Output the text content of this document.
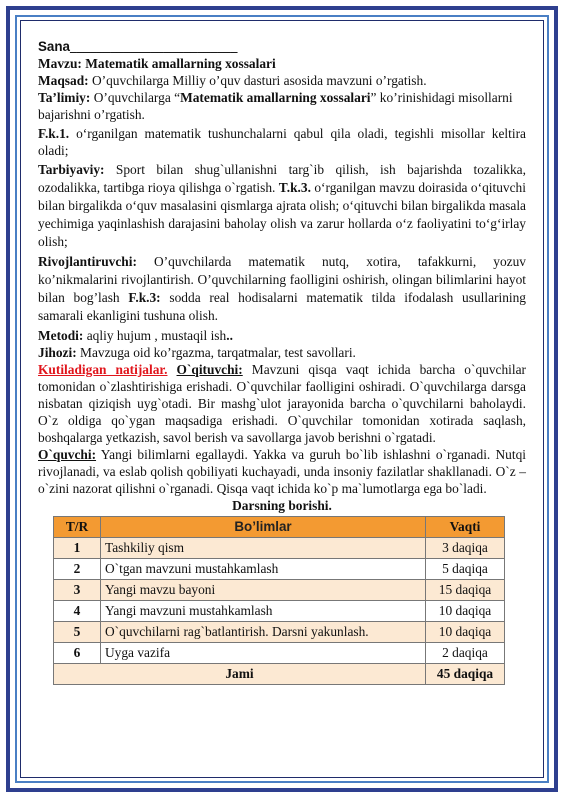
Sana_________________________

Mavzu: Matematik amallarning xossalari

Maqsad: O’quvchilarga Milliy o’quv dasturi asosida mavzuni o’rgatish.

Ta’limiy: O’quvchilarga “Matematik amallarning xossalari” ko’rinishidagi misollarni bajarishni o’rgatish.

F.k.1. o‘rganilgan matematik tushunchalarni qabul qila oladi, tegishli misollar keltira oladi;

Tarbiyaviy: Sport bilan shug`ullanishni targ`ib qilish, ish bajarishda tozalikka, ozodalikka, tartibga rioya qilishga o`rgatish. T.k.3. o‘rganilgan mavzu doirasida o‘qituvchi bilan birgalikda o‘quv masalasini qismlarga ajrata olish; o‘qituvchi bilan birgalikda masala yechimiga yaqinlashish darajasini baholay olish va zarur hollarda o‘z faoliyatini to‘g‘irlay olish;

Rivojlantiruvchi: O’quvchilarda matematik nutq, xotira, tafakkurni, yozuv ko’nikmalarini rivojlantirish. O’quvchilarning faolligini oshirish, olingan bilimlarini hayot bilan bog’lash F.k.3: sodda real hodisalarni matematik tilda ifodalash usullarining samarali ekanligini tushuna olish.

Metodi: aqliy hujum , mustaqil ish..

Jihozi: Mavzuga oid ko’rgazma, tarqatmalar, test savollari.

Kutiladigan natijalar. O`qituvchi: Mavzuni qisqa vaqt ichida barcha o`quvchilar tomonidan o`zlashtirishiga erishadi. O`quvchilar faolligini oshiradi. O`quvchilarga darsga nisbatan qiziqish uyg`otadi. Bir mashg`ulot jarayonida barcha o`quvchilarni baholaydi. O`z oldiga qo`ygan maqsadiga erishadi. O`quvchilar tomonidan xotirada saqlash, boshqalarga yetkazish, savol berish va savollarga javob berishni o`rgatadi.

O`quvchi: Yangi bilimlarni egallaydi. Yakka va guruh bo`lib ishlashni o`rganadi. Nutqi rivojlanadi, va eslab qolish qobiliyati kuchayadi, unda insoniy fazilatlar shakllanadi. O`z – o`zini nazorat qilishni o`rganadi. Qisqa vaqt ichida ko`p ma`lumotlarga ega bo`ladi.

Darsning borishi.

T/R	Bo’limlar	Vaqti
1	Tashkiliy qism	3 daqiqa
2	O`tgan mavzuni mustahkamlash	5 daqiqa
3	Yangi mavzu bayoni	15 daqiqa
4	Yangi mavzuni mustahkamlash	10 daqiqa
5	O`quvchilarni rag`batlantirish. Darsni yakunlash.	10 daqiqa
6	Uyga vazifa	2 daqiqa
Jami		45 daqiqa
